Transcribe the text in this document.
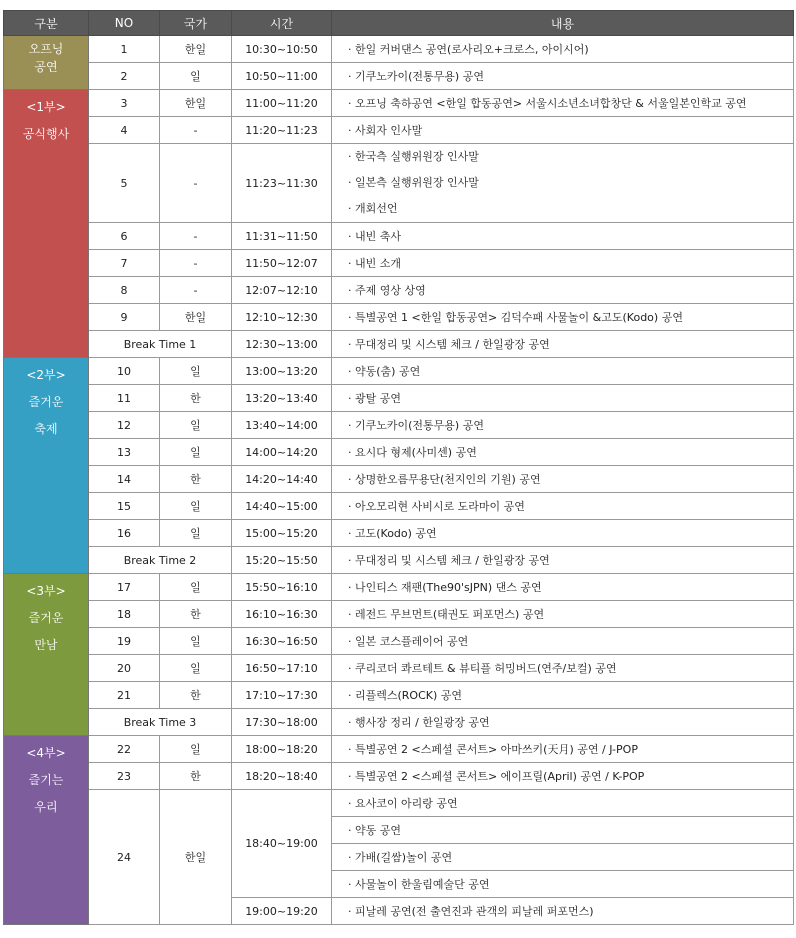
구분	NO	국가	시간	내용

오프닝
공연	1	한일	10:30~10:50	· 한일 커버댄스 공연(로사리오+크로스, 아이시어)
	2	일	10:50~11:00	· 기쿠노카이(전통무용) 공연

<1부>
공식행사	3	한일	11:00~11:20	· 오프닝 축하공연 <한일 합동공연> 서울시소년소녀합창단 & 서울일본인학교 공연
	4	-	11:20~11:23	· 사회자 인사말
	5	-	11:23~11:30	· 한국측 실행위원장 인사말
· 일본측 실행위원장 인사말
· 개회선언

	6	-	11:31~11:50	· 내빈 축사
	7	-	11:50~12:07	· 내빈 소개
	8	-	12:07~12:10	· 주제 영상 상영
	9	한일	12:10~12:30	· 특별공연 1 <한일 합동공연> 김덕수패 사물놀이 &고도(Kodo) 공연
	Break Time 1		12:30~13:00	· 무대정리 및 시스템 체크 / 한일광장 공연

<2부>
즐거운
축제	10	일	13:00~13:20	· 약동(춤) 공연
	11	한	13:20~13:40	· 광탈 공연
	12	일	13:40~14:00	· 기쿠노카이(전통무용) 공연
	13	일	14:00~14:20	· 요시다 형제(사미센) 공연
	14	한	14:20~14:40	· 상명한오름무용단(천지인의 기원) 공연
	15	일	14:40~15:00	· 아오모리현 사비시로 도라마이 공연
	16	일	15:00~15:20	· 고도(Kodo) 공연
	Break Time 2		15:20~15:50	· 무대정리 및 시스템 체크 / 한일광장 공연

<3부>
즐거운
만남	17	일	15:50~16:10	· 나인티스 재팬(The90'sJPN) 댄스 공연
	18	한	16:10~16:30	· 레전드 무브먼트(태권도 퍼포먼스) 공연
	19	일	16:30~16:50	· 일본 코스플레이어 공연
	20	일	16:50~17:10	· 쿠리코더 콰르테트 & 뷰티플 허밍버드(연주/보컬) 공연
	21	한	17:10~17:30	· 리플렉스(ROCK) 공연
	Break Time 3		17:30~18:00	· 행사장 정리 / 한일광장 공연

<4부>
즐기는
우리	22	일	18:00~18:20	· 특별공연 2 <스페셜 콘서트> 아마쓰키(天月) 공연 / J-POP
	23	한	18:20~18:40	· 특별공연 2 <스페셜 콘서트> 에이프릴(April) 공연 / K-POP
	24	한일	18:40~19:00	· 요사코이 아리랑 공연
				· 약동 공연
				· 가배(길쌈)놀이 공연
				· 사물놀이 한울림예술단 공연
			19:00~19:20	· 피날레 공연(전 출연진과 관객의 피날레 퍼포먼스)
